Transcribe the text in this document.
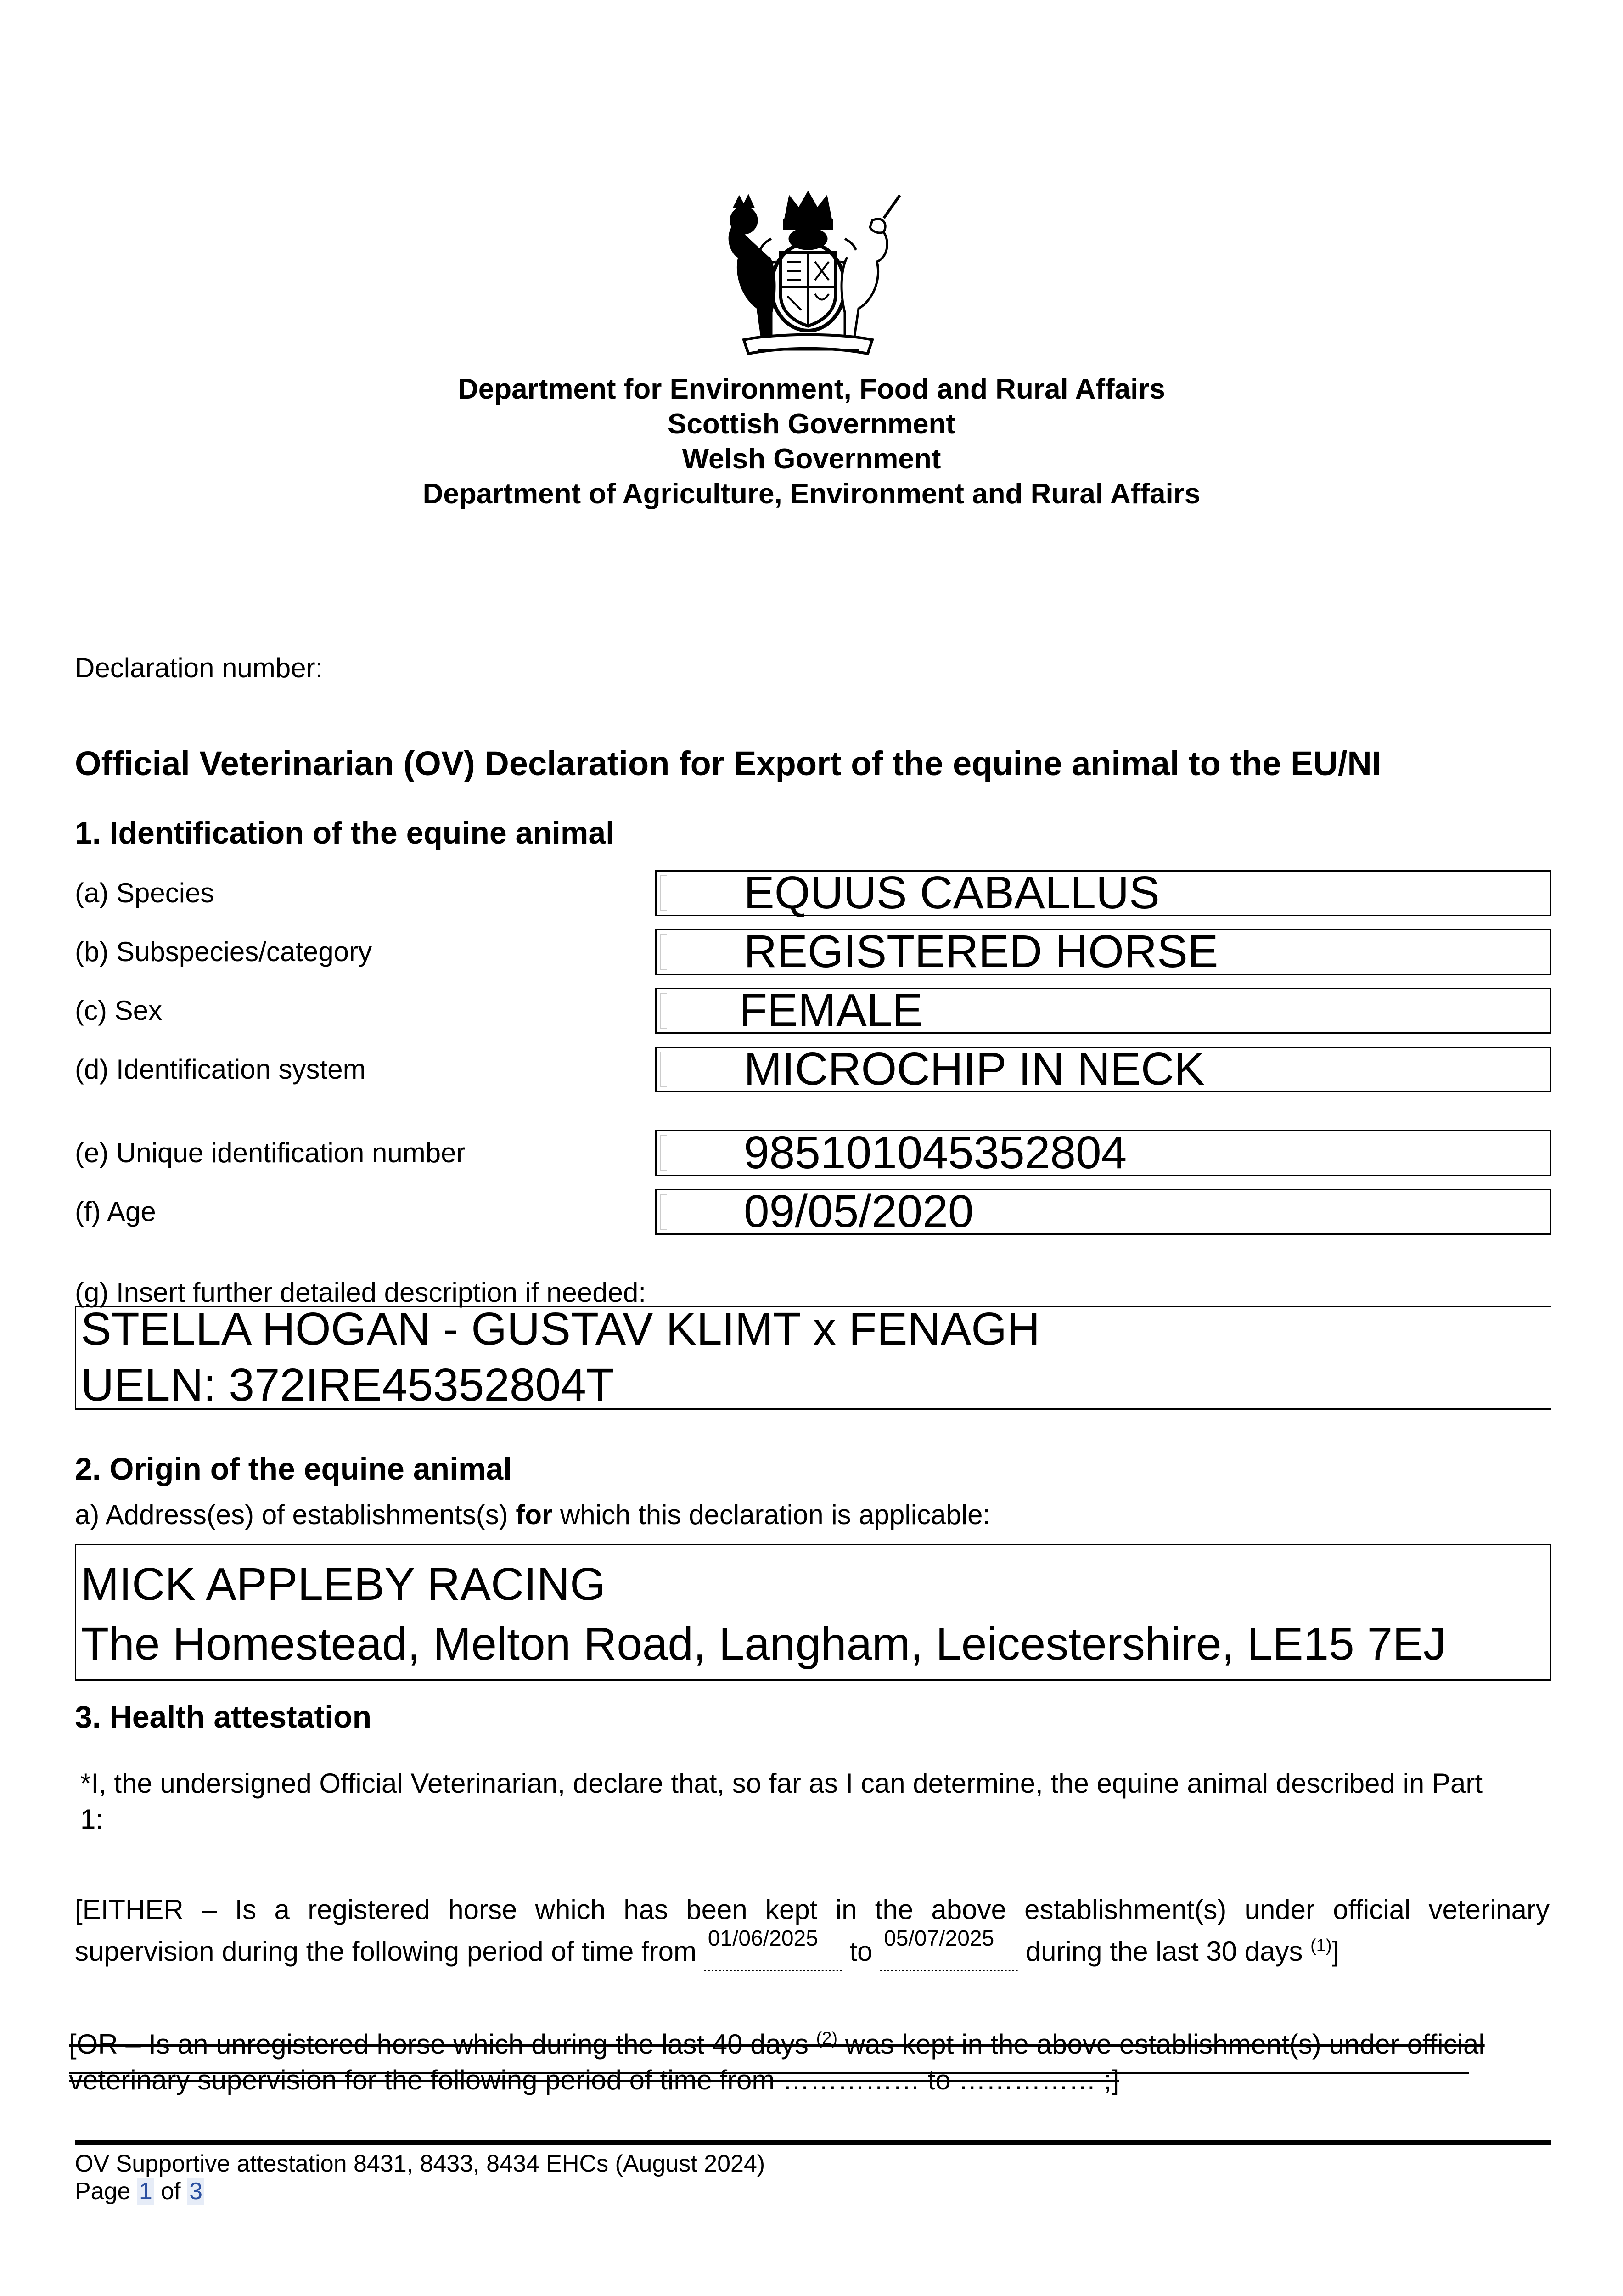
Department for Environment, Food and Rural Affairs
Scottish Government
Welsh Government
Department of Agriculture, Environment and Rural Affairs
Declaration number:
Official Veterinarian (OV) Declaration for Export of the equine animal to the EU/NI
1. Identification of the equine animal
(a) Species	EQUUS CABALLUS
(b) Subspecies/category	REGISTERED HORSE
(c) Sex	FEMALE
(d) Identification system	MICROCHIP IN NECK
(e) Unique identification number	985101045352804
(f) Age	09/05/2020
(g) Insert further detailed description if needed:
STELLA HOGAN - GUSTAV KLIMT x FENAGH
UELN: 372IRE45352804T
2. Origin of the equine animal
a) Address(es) of establishments(s) for which this declaration is applicable:
MICK APPLEBY RACING
The Homestead, Melton Road, Langham, Leicestershire, LE15 7EJ
3. Health attestation
*I, the undersigned Official Veterinarian, declare that, so far as I can determine, the equine animal described in Part
1:
[EITHER – Is a registered horse which has been kept in the above establishment(s) under official veterinary
supervision during the following period of time from 01/06/2025 to 05/07/2025 during the last 30 days $^{(1)}$]
[OR – Is an unregistered horse which during the last 40 days $^{(2)}$ was kept in the above establishment(s) under official
veterinary supervision for the following period of time from …………… to …………… ;]
OV Supportive attestation 8431, 8433, 8434 EHCs (August 2024)
Page 1 of 3
